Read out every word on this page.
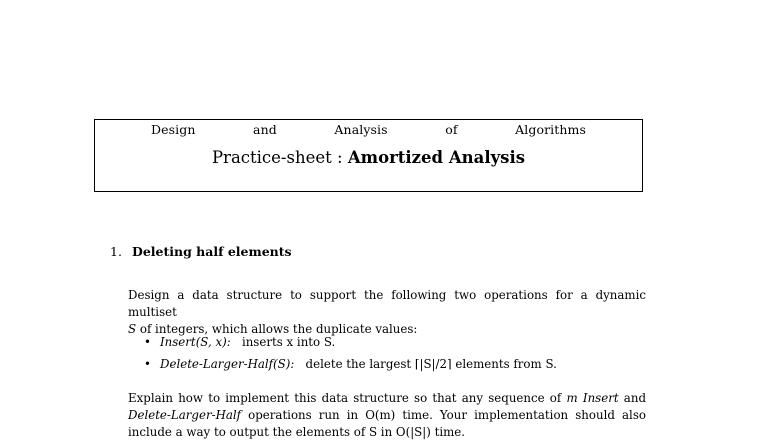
Design	and	Analysis	of	Algorithms
Practice-sheet : Amortized Analysis
1. Deleting half elements
Design a data structure to support the following two operations for a dynamic multiset
S of integers, which allows the duplicate values:
• Insert(S, x): inserts x into S.
• Delete-Larger-Half(S): delete the largest ⌈|S|/2⌉ elements from S.
Explain how to implement this data structure so that any sequence of m Insert and Delete-Larger-Half operations run in O(m) time. Your implementation should also include a way to output the elements of S in O(|S|) time.
